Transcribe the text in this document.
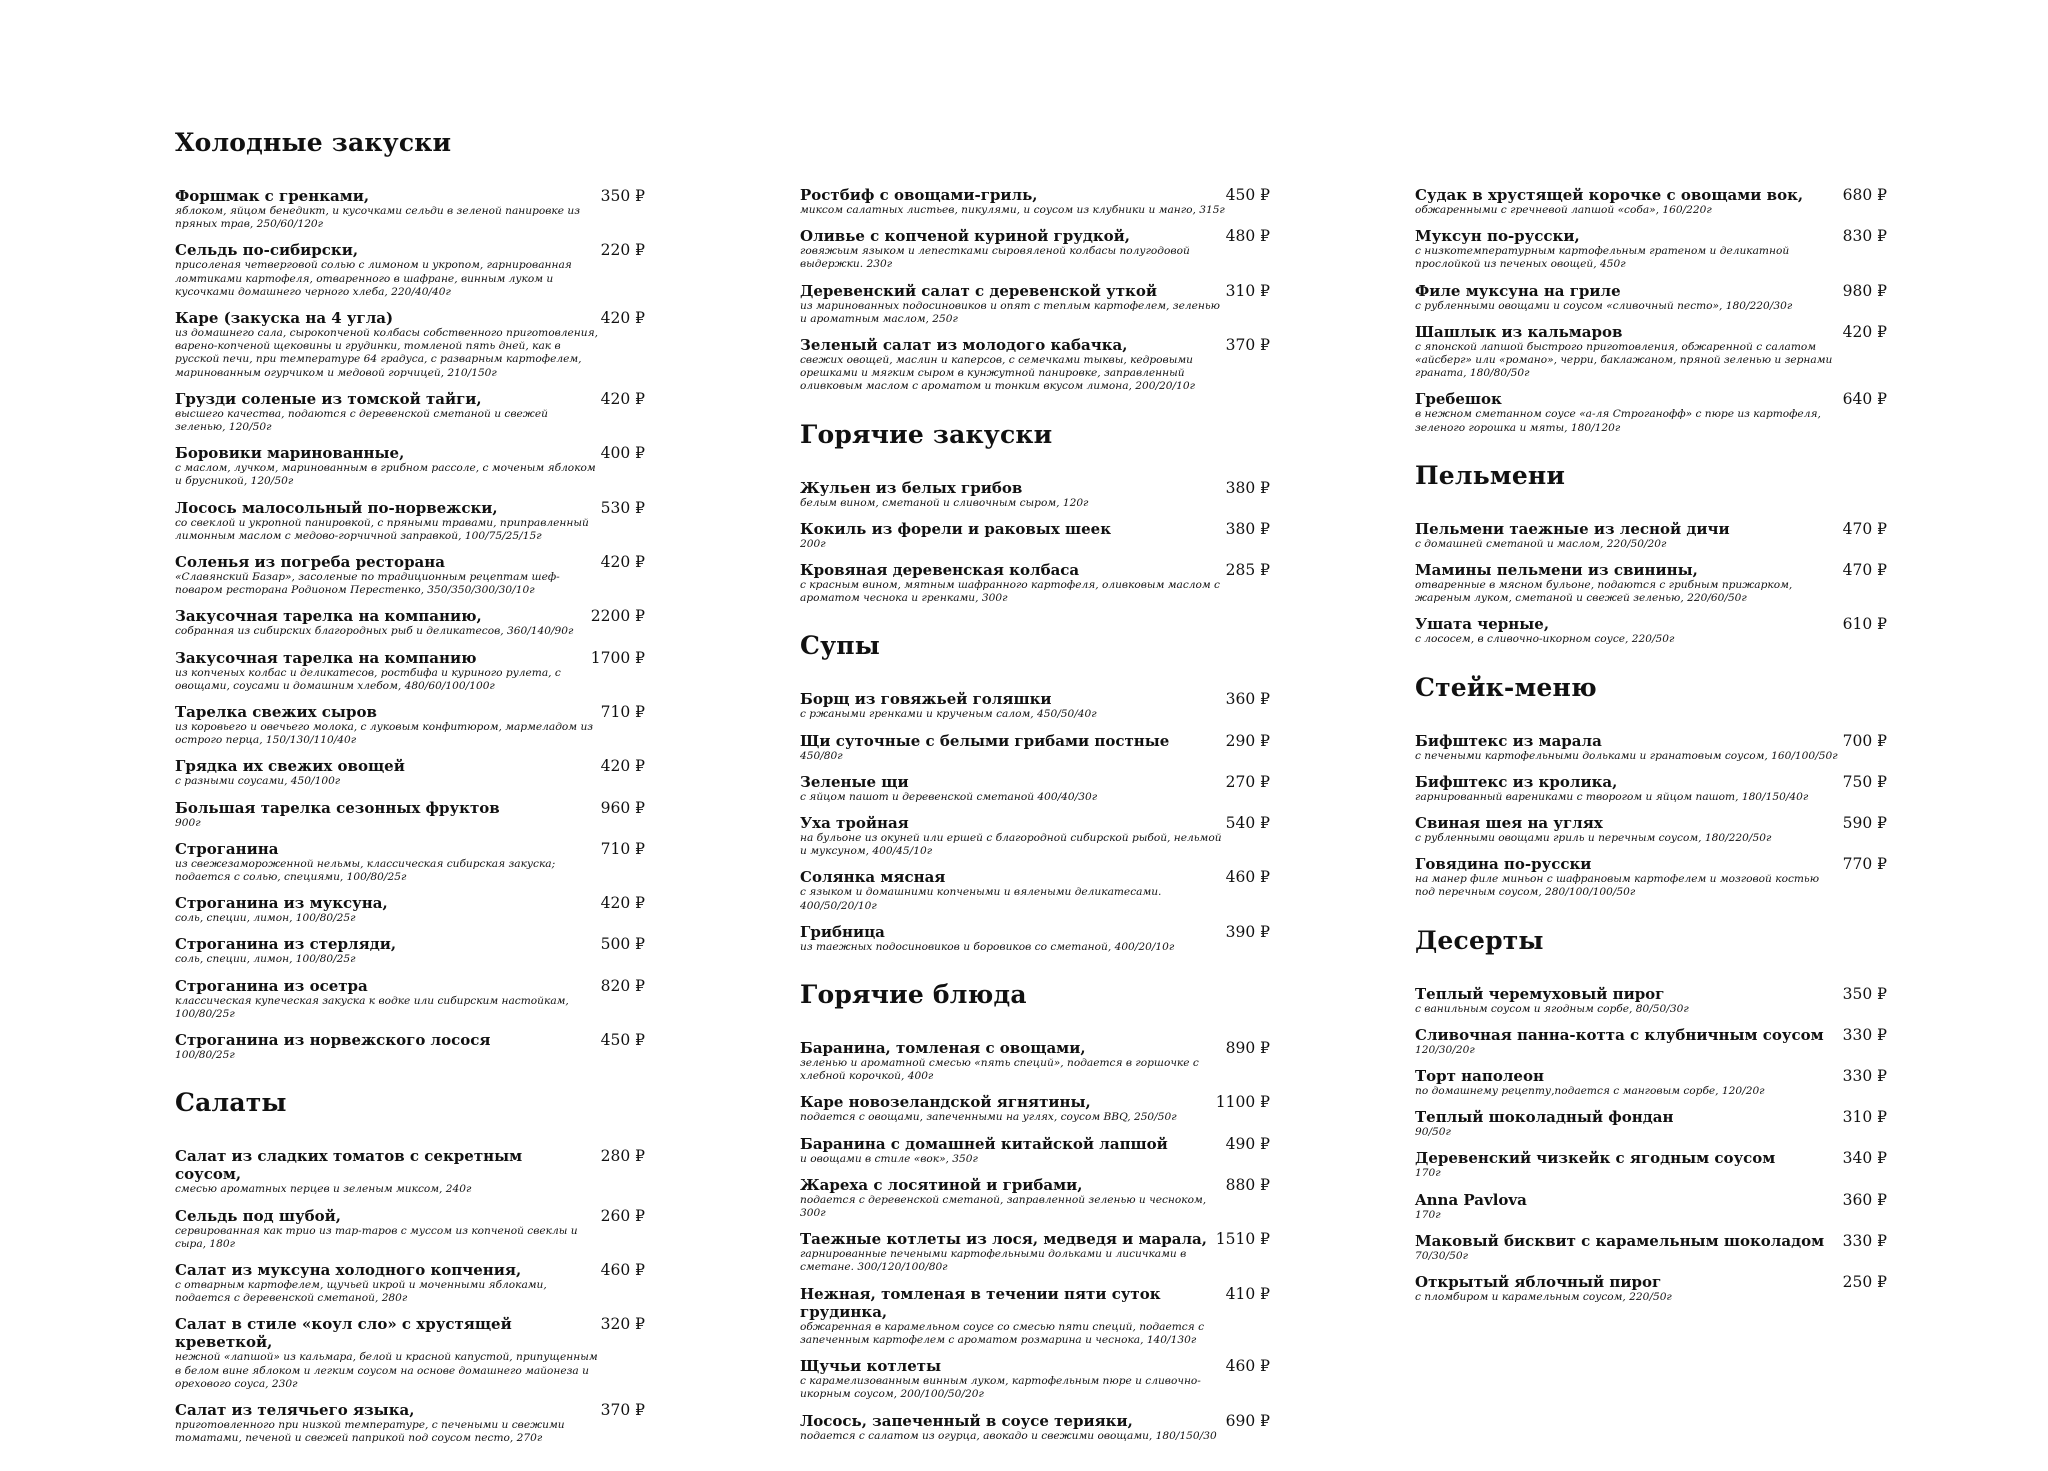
Холодные закуски
Форшмак с гренками,	350 ₽
яблоком, яйцом бенедикт, и кусочками сельди в зеленой панировке из пряных трав, 250/60/120г
Сельдь по-сибирски,	220 ₽
присоленая четверговой солью с лимоном и укропом, гарнированная ломтиками картофеля, отваренного в шафране, винным луком и кусочками домашнего черного хлеба, 220/40/40г
Каре (закуска на 4 угла)	420 ₽
из домашнего сала, сырокопченой колбасы собственного приготовления, варено-копченой щековины и грудинки, томленой пять дней, как в русской печи, при температуре 64 градуса, с разварным картофелем, маринованным огурчиком и медовой горчицей, 210/150г
Грузди соленые из томской тайги,	420 ₽
высшего качества, подаются с деревенской сметаной и свежей зеленью, 120/50г
Боровики маринованные,	400 ₽
с маслом, лучком, маринованным в грибном рассоле, с моченым яблоком и брусникой, 120/50г
Лосось малосольный по-норвежски,	530 ₽
со свеклой и укропной панировкой, с пряными травами, приправленный лимонным маслом с медово-горчичной заправкой, 100/75/25/15г
Соленья из погреба ресторана	420 ₽
«Славянский Базар», засоленые по традиционным рецептам шеф-поваром ресторана Родионом Перестенко, 350/350/300/30/10г
Закусочная тарелка на компанию,	2200 ₽
собранная из сибирских благородных рыб и деликатесов, 360/140/90г
Закусочная тарелка на компанию	1700 ₽
из копченых колбас и деликатесов, ростбифа и куриного рулета, с овощами, соусами и домашним хлебом, 480/60/100/100г
Тарелка свежих сыров	710 ₽
из коровьего и овечьего молока, с луковым конфитюром, мармеладом из острого перца, 150/130/110/40г
Грядка их свежих овощей	420 ₽
с разными соусами, 450/100г
Большая тарелка сезонных фруктов	960 ₽
900г
Строганина	710 ₽
из свежезамороженной нельмы, классическая сибирская закуска; подается с солью, специями, 100/80/25г
Строганина из муксуна,	420 ₽
соль, специи, лимон, 100/80/25г
Строганина из стерляди,	500 ₽
соль, специи, лимон, 100/80/25г
Строганина из осетра	820 ₽
классическая купеческая закуска к водке или сибирским настойкам, 100/80/25г
Строганина из норвежского лосося	450 ₽
100/80/25г
Салаты
Салат из сладких томатов с секретным соусом,
280 ₽
смесью ароматных перцев и зеленым миксом, 240г
Сельдь под шубой,	260 ₽
сервированная как трио из тар-таров с муссом из копченой свеклы и сыра, 180г
Салат из муксуна холодного копчения,	460 ₽
с отварным картофелем, щучьей икрой и моченными яблоками, подается с деревенской сметаной, 280г
Салат в стиле «коул сло» с хрустящей креветкой,
320 ₽
нежной «лапшой» из кальмара, белой и красной капустой, припущенным в белом вине яблоком и легким соусом на основе домашнего майонеза и орехового соуса, 230г
Салат из телячьего языка,	370 ₽
приготовленного при низкой температуре, с печеными и свежими томатами, печеной и свежей паприкой под соусом песто, 270г
Ростбиф с овощами-гриль,	450 ₽
миксом салатных листьев, пикулями, и соусом из клубники и манго, 315г
Оливье с копченой куриной грудкой,	480 ₽
говяжьим языком и лепестками сыровяленой колбасы полугодовой выдержки. 230г
Деревенский салат с деревенской уткой	310 ₽
из маринованных подосиновиков и опят с теплым картофелем, зеленью и ароматным маслом, 250г
Зеленый салат из молодого кабачка,	370 ₽
свежих овощей, маслин и каперсов, с семечками тыквы, кедровыми орешками и мягким сыром в кунжутной панировке, заправленный оливковым маслом с ароматом и тонким вкусом лимона, 200/20/10г
Горячие закуски
Жульен из белых грибов	380 ₽
белым вином, сметаной и сливочным сыром, 120г
Кокиль из форели и раковых шеек	380 ₽
200г
Кровяная деревенская колбаса	285 ₽
с красным вином, мятным шафранного картофеля, оливковым маслом с ароматом чеснока и гренками, 300г
Супы
Борщ из говяжьей голяшки	360 ₽
с ржаными гренками и крученым салом, 450/50/40г
Щи суточные с белыми грибами постные	290 ₽
450/80г
Зеленые щи	270 ₽
с яйцом пашот и деревенской сметаной 400/40/30г
Уха тройная	540 ₽
на бульоне из окуней или ершей с благородной сибирской рыбой, нельмой и муксуном, 400/45/10г
Солянка мясная	460 ₽
с языком и домашними копчеными и вялеными деликатесами. 400/50/20/10г
Грибница	390 ₽
из таежных подосиновиков и боровиков со сметаной, 400/20/10г
Горячие блюда
Баранина, томленая с овощами,	890 ₽
зеленью и ароматной смесью «пять специй», подается в горшочке с хлебной корочкой, 400г
Каре новозеландской ягнятины,	1100 ₽
подается с овощами, запеченными на углях, соусом BBQ, 250/50г
Баранина с домашней китайской лапшой	490 ₽
и овощами в стиле «вок», 350г
Жареха с лосятиной и грибами,	880 ₽
подается с деревенской сметаной, заправленной зеленью и чесноком, 300г
Таежные котлеты из лося, медведя и марала, 1510 ₽
гарнированные печеными картофельными дольками и лисичками в сметане. 300/120/100/80г
Нежная, томленая в течении пяти суток грудинка,
410 ₽
обжаренная в карамельном соусе со смесью пяти специй, подается с запеченным картофелем с ароматом розмарина и чеснока, 140/130г
Щучьи котлеты	460 ₽
с карамелизованным винным луком, картофельным пюре и сливочно-икорным соусом, 200/100/50/20г
Лосось, запеченный в соусе терияки,	690 ₽
подается с салатом из огурца, авокадо и свежими овощами, 180/150/30
Судак в хрустящей корочке с овощами вок,	680 ₽
обжаренными с гречневой лапшой «соба», 160/220г
Муксун по-русски,	830 ₽
с низкотемпературным картофельным гратеном и деликатной прослойкой из печеных овощей, 450г
Филе муксуна на гриле	980 ₽
с рубленными овощами и соусом «сливочный песто», 180/220/30г
Шашлык из кальмаров	420 ₽
с японской лапшой быстрого приготовления, обжаренной с салатом «айсберг» или «романо», черри, баклажаном, пряной зеленью и зернами граната, 180/80/50г
Гребешок	640 ₽
в нежном сметанном соусе «а-ля Строганофф» с пюре из картофеля, зеленого горошка и мяты, 180/120г
Пельмени
Пельмени таежные из лесной дичи	470 ₽
с домашней сметаной и маслом, 220/50/20г
Мамины пельмени из свинины,	470 ₽
отваренные в мясном бульоне, подаются с грибным прижарком, жареным луком, сметаной и свежей зеленью, 220/60/50г
Ушата черные,	610 ₽
с лососем, в сливочно-икорном соусе, 220/50г
Стейк-меню
Бифштекс из марала	700 ₽
с печеными картофельными дольками и гранатовым соусом, 160/100/50г
Бифштекс из кролика,	750 ₽
гарнированный варениками с творогом и яйцом пашот, 180/150/40г
Свиная шея на углях	590 ₽
с рубленными овощами гриль и перечным соусом, 180/220/50г
Говядина по-русски	770 ₽
на манер филе миньон с шафрановым картофелем и мозговой костью под перечным соусом, 280/100/100/50г
Десерты
Теплый черемуховый пирог	350 ₽
с ванильным соусом и ягодным сорбе, 80/50/30г
Сливочная панна-котта с клубничным соусом	330 ₽
120/30/20г
Торт наполеон	330 ₽
по домашнему рецепту,подается с манговым сорбе, 120/20г
Теплый шоколадный фондан	310 ₽
90/50г
Деревенский чизкейк с ягодным соусом	340 ₽
170г
Anna Pavlova	360 ₽
170г
Маковый бисквит с карамельным шоколадом	330 ₽
70/30/50г
Открытый яблочный пирог	250 ₽
с пломбиром и карамельным соусом, 220/50г
